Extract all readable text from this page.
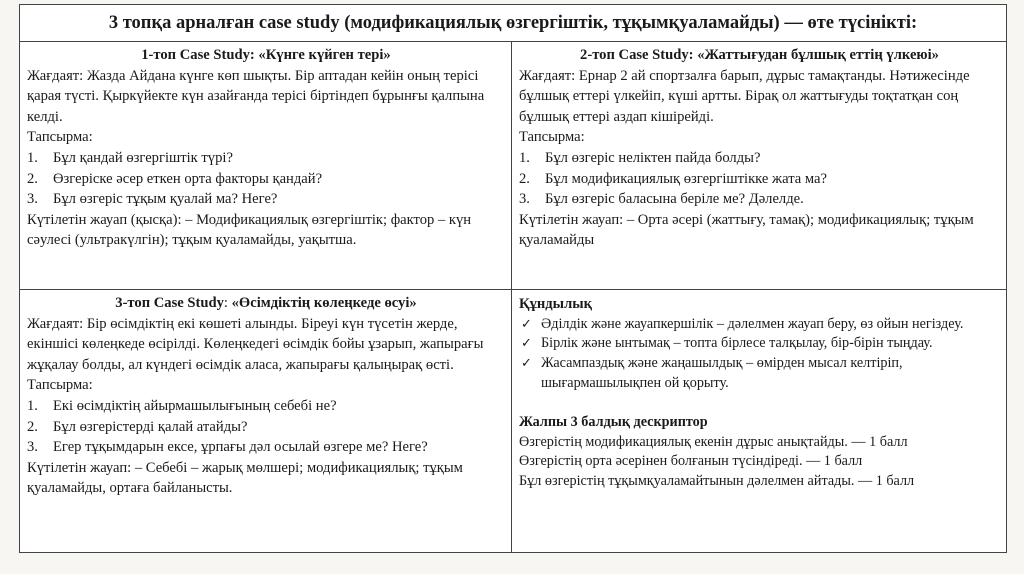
3 топқа арналған case study (модификациялық өзгергіштік, тұқымқуаламайды) — өте түсінікті:
1-топ Case Study: «Күнге күйген тері»

Жағдаят: Жазда Айдана күнге көп шықты. Бір аптадан кейін оның терісі қарая түсті. Қыркүйекте күн азайғанда терісі біртіндеп бұрынғы қалпына келді.

Тапсырма:

1. Бұл қандай өзгергіштік түрі?
2. Өзгеріске әсер еткен орта факторы қандай?
3. Бұл өзгеріс тұқым қуалай ма? Неге?

Күтілетін жауап (қысқа): – Модификациялық өзгергіштік; фактор – күн сәулесі (ультракүлгін); тұқым қуаламайды, уақытша.

2-топ Case Study: «Жаттығудан бұлшық еттің үлкеюі»

Жағдаят: Ернар 2 ай спортзалға барып, дұрыс тамақтанды. Нәтижесінде бұлшық еттері үлкейіп, күші артты. Бірақ ол жаттығуды тоқтатқан соң бұлшық еттері аздап кішірейді.

Тапсырма:

1. Бұл өзгеріс неліктен пайда болды?
2. Бұл модификациялық өзгергіштікке жата ма?
3. Бұл өзгеріс баласына беріле ме? Дәлелде.

Күтілетін жауап: – Орта әсері (жаттығу, тамақ); модификациялық; тұқым қуаламайды

3-топ Case Study: «Өсімдіктің көлеңкеде өсуі»

Жағдаят: Бір өсімдіктің екі көшеті алынды. Біреуі күн түсетін жерде, екіншісі көлеңкеде өсірілді. Көлеңкедегі өсімдік бойы ұзарып, жапырағы жұқалау болды, ал күндегі өсімдік аласа, жапырағы қалыңырақ өсті.

Тапсырма:

1. Екі өсімдіктің айырмашылығының себебі не?
2. Бұл өзгерістерді қалай атайды?
3. Егер тұқымдарын ексе, ұрпағы дәл осылай өзгере ме? Неге?

Күтілетін жауап: – Себебі – жарық мөлшері; модификациялық; тұқым қуаламайды, ортаға байланысты.

Құндылық

✓ Әділдік және жауапкершілік – дәлелмен жауап беру, өз ойын негіздеу.
✓ Бірлік және ынтымақ – топта бірлесе талқылау, бір-бірін тыңдау.
✓ Жасампаздық және жаңашылдық – өмірден мысал келтіріп, шығармашылықпен ой қорыту.

Жалпы 3 балдық дескриптор

Өзгерістің модификациялық екенін дұрыс анықтайды. — 1 балл

Өзгерістің орта әсерінен болғанын түсіндіреді. — 1 балл

Бұл өзгерістің тұқымқуаламайтынын дәлелмен айтады. — 1 балл
